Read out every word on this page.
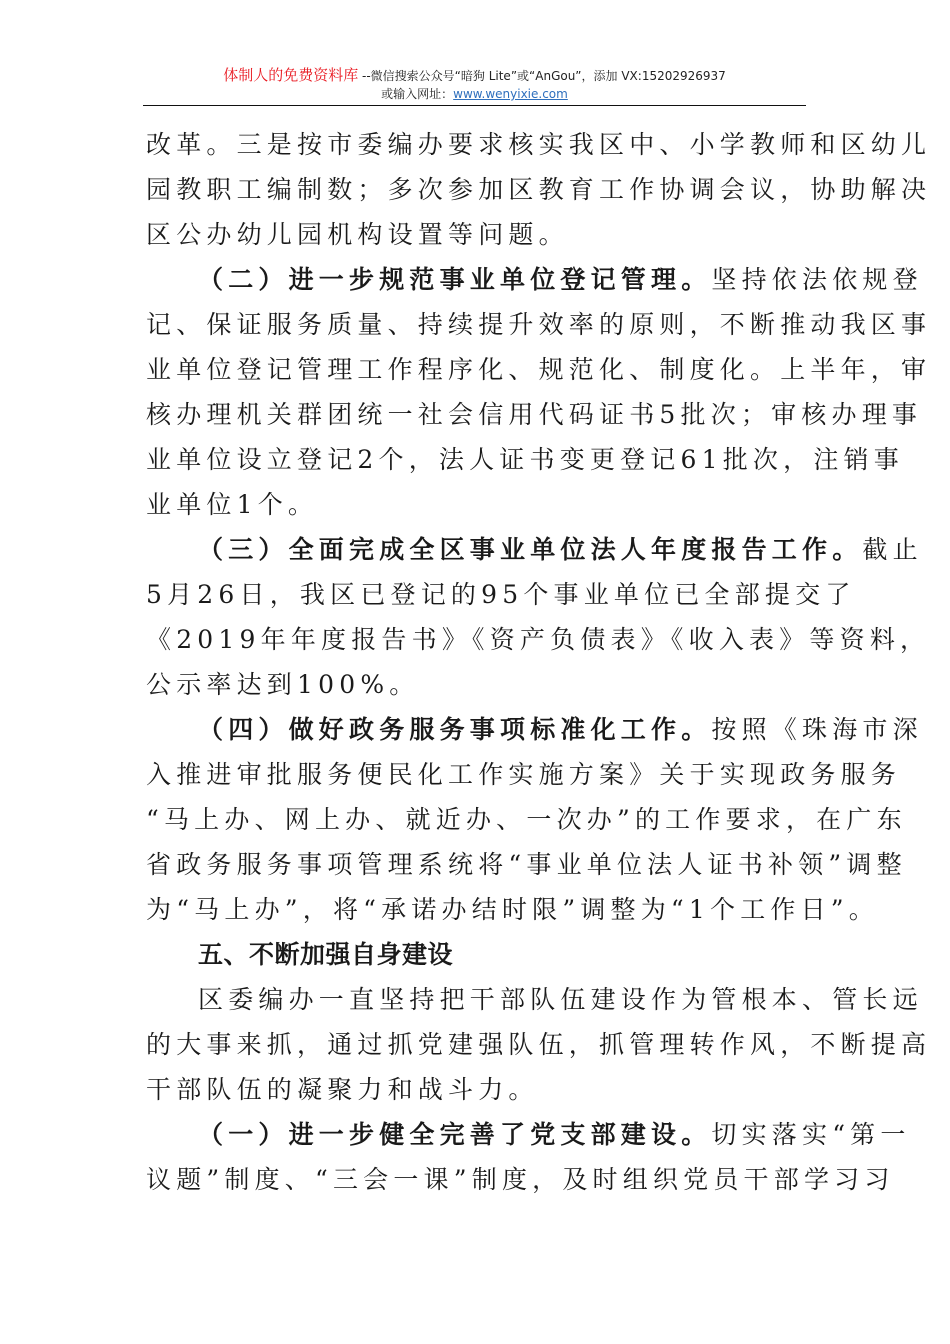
体制人的免费资料库 --微信搜索公众号“暗狗 Lite”或“AnGou”，添加 VX:15202926937
或输入网址：www.wenyixie.com
改革。三是按市委编办要求核实我区中、小学教师和区幼儿
园教职工编制数；多次参加区教育工作协调会议，协助解决
区公办幼儿园机构设置等问题。
（二）进一步规范事业单位登记管理。坚持依法依规登
记、保证服务质量、持续提升效率的原则，不断推动我区事
业单位登记管理工作程序化、规范化、制度化。上半年，审
核办理机关群团统一社会信用代码证书5批次；审核办理事
业单位设立登记2个，法人证书变更登记61批次，注销事
业单位1个。
（三）全面完成全区事业单位法人年度报告工作。截止
5月26日，我区已登记的95个事业单位已全部提交了
《2019年年度报告书》《资产负债表》《收入表》等资料，
公示率达到100%。
（四）做好政务服务事项标准化工作。按照《珠海市深
入推进审批服务便民化工作实施方案》关于实现政务服务
“马上办、网上办、就近办、一次办”的工作要求，在广东
省政务服务事项管理系统将“事业单位法人证书补领”调整
为“马上办”，将“承诺办结时限”调整为“1个工作日”。
五、不断加强自身建设
区委编办一直坚持把干部队伍建设作为管根本、管长远
的大事来抓，通过抓党建强队伍，抓管理转作风，不断提高
干部队伍的凝聚力和战斗力。
（一）进一步健全完善了党支部建设。切实落实“第一
议题”制度、“三会一课”制度，及时组织党员干部学习习
